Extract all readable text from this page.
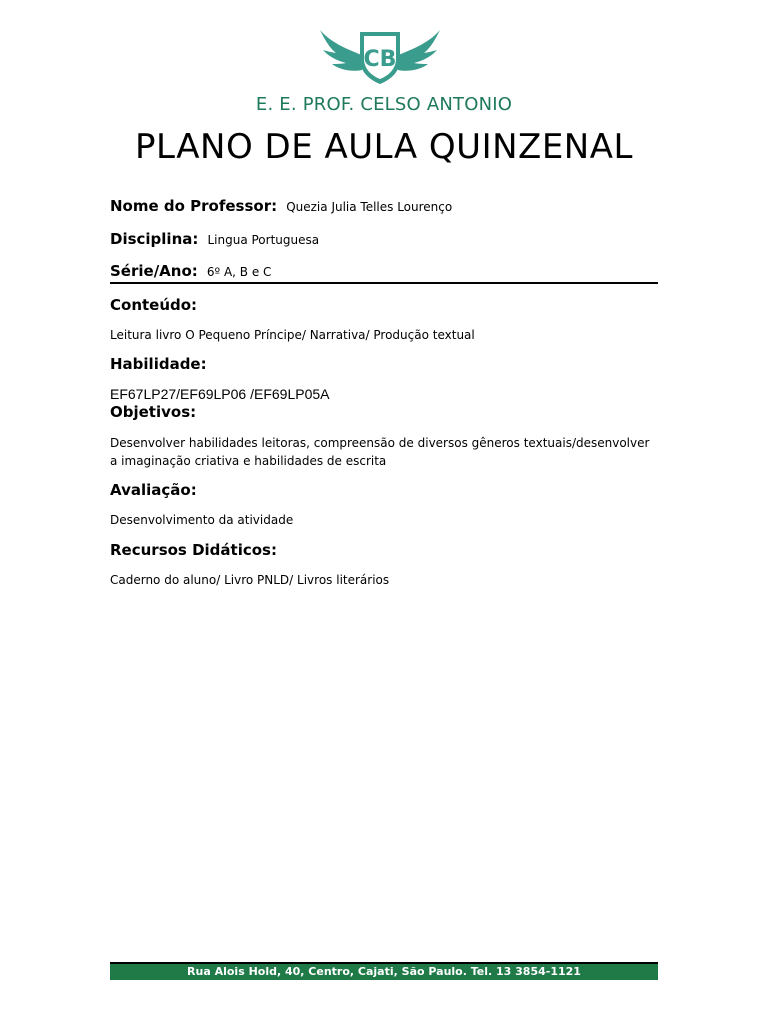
CB
E. E. PROF. CELSO ANTONIO
PLANO DE AULA QUINZENAL
Nome do Professor: Quezia Julia Telles Lourenço
Disciplina: Lingua Portuguesa
Série/Ano: 6º A, B e C
Conteúdo:
Leitura livro O Pequeno Príncipe/ Narrativa/ Produção textual
Habilidade:
EF67LP27/EF69LP06 /EF69LP05A
Objetivos:
Desenvolver habilidades leitoras, compreensão de diversos gêneros textuais/desenvolver a imaginação criativa e habilidades de escrita
Avaliação:
Desenvolvimento da atividade
Recursos Didáticos:
Caderno do aluno/ Livro PNLD/ Livros literários
Rua Alois Hold, 40, Centro, Cajati, São Paulo. Tel. 13 3854-1121
